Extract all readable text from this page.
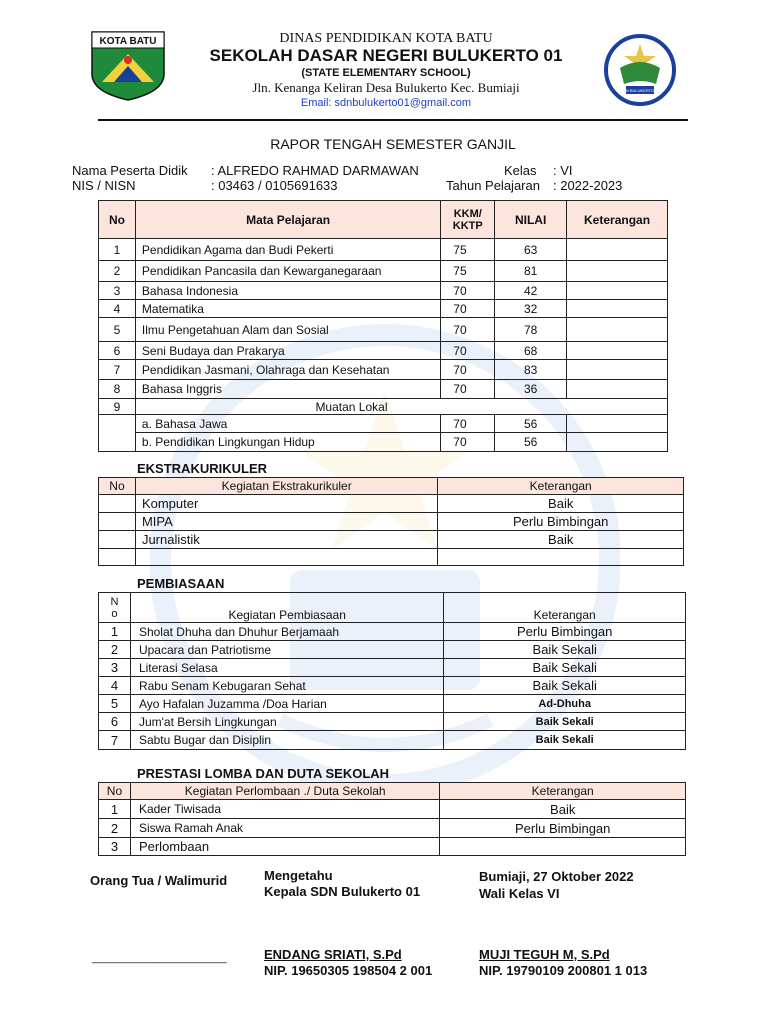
KOTA BATU
SDN BULUKERTO 01
DINAS PENDIDIKAN KOTA BATU
SEKOLAH DASAR NEGERI BULUKERTO 01
(STATE ELEMENTARY SCHOOL)
Jln. Kenanga Keliran Desa Bulukerto Kec. Bumiaji
Email: sdnbulukerto01@gmail.com
RAPOR TENGAH SEMESTER GANJIL
Nama Peserta Didik : ALFREDO RAHMAD DARMAWAN	Kelas : VI
NIS / NISN	: 03463 / 0105691633	Tahun Pelajaran : 2022-2023
No	Mata Pelajaran	KKM/ KKTP	NILAI	Keterangan
1	Pendidikan Agama dan Budi Pekerti	75	63	
2	Pendidikan Pancasila dan Kewarganegaraan	75	81	
3	Bahasa Indonesia	70	42	
4	Matematika	70	32	
5	Ilmu Pengetahuan Alam dan Sosial	70	78	
6	Seni Budaya dan Prakarya	70	68	
7	Pendidikan Jasmani, Olahraga dan Kesehatan	70	83	
8	Bahasa Inggris	70	36	
9	Muatan Lokal			
	a. Bahasa Jawa	70	56	
	b. Pendidikan Lingkungan Hidup	70	56	
EKSTRAKURIKULER
No	Kegiatan Ekstrakurikuler	Keterangan
	Komputer	Baik
	MIPA	Perlu Bimbingan
	Jurnalistik	Baik

PEMBIASAAN
N
o	Kegiatan Pembiasaan	Keterangan
1	Sholat Dhuha dan Dhuhur Berjamaah	Perlu Bimbingan
2	Upacara dan Patriotisme	Baik Sekali
3	Literasi Selasa	Baik Sekali
4	Rabu Senam Kebugaran Sehat	Baik Sekali
5	Ayo Hafalan Juzamma /Doa Harian	Ad-Dhuha
6	Jum'at Bersih Lingkungan	Baik Sekali
7	Sabtu Bugar dan Disiplin	Baik Sekali
PRESTASI LOMBA DAN DUTA SEKOLAH
No	Kegiatan Perlombaan ./ Duta Sekolah	Keterangan
1	Kader Tiwisada	Baik
2	Siswa Ramah Anak	Perlu Bimbingan
3	Perlombaan	
Orang Tua / Walimurid
______________________
Mengetahu
Kepala SDN Bulukerto 01
ENDANG SRIATI, S.Pd
NIP. 19650305 198504 2 001
Bumiaji, 27 Oktober 2022
Wali Kelas VI
MUJI TEGUH M, S.Pd
NIP. 19790109 200801 1 013
